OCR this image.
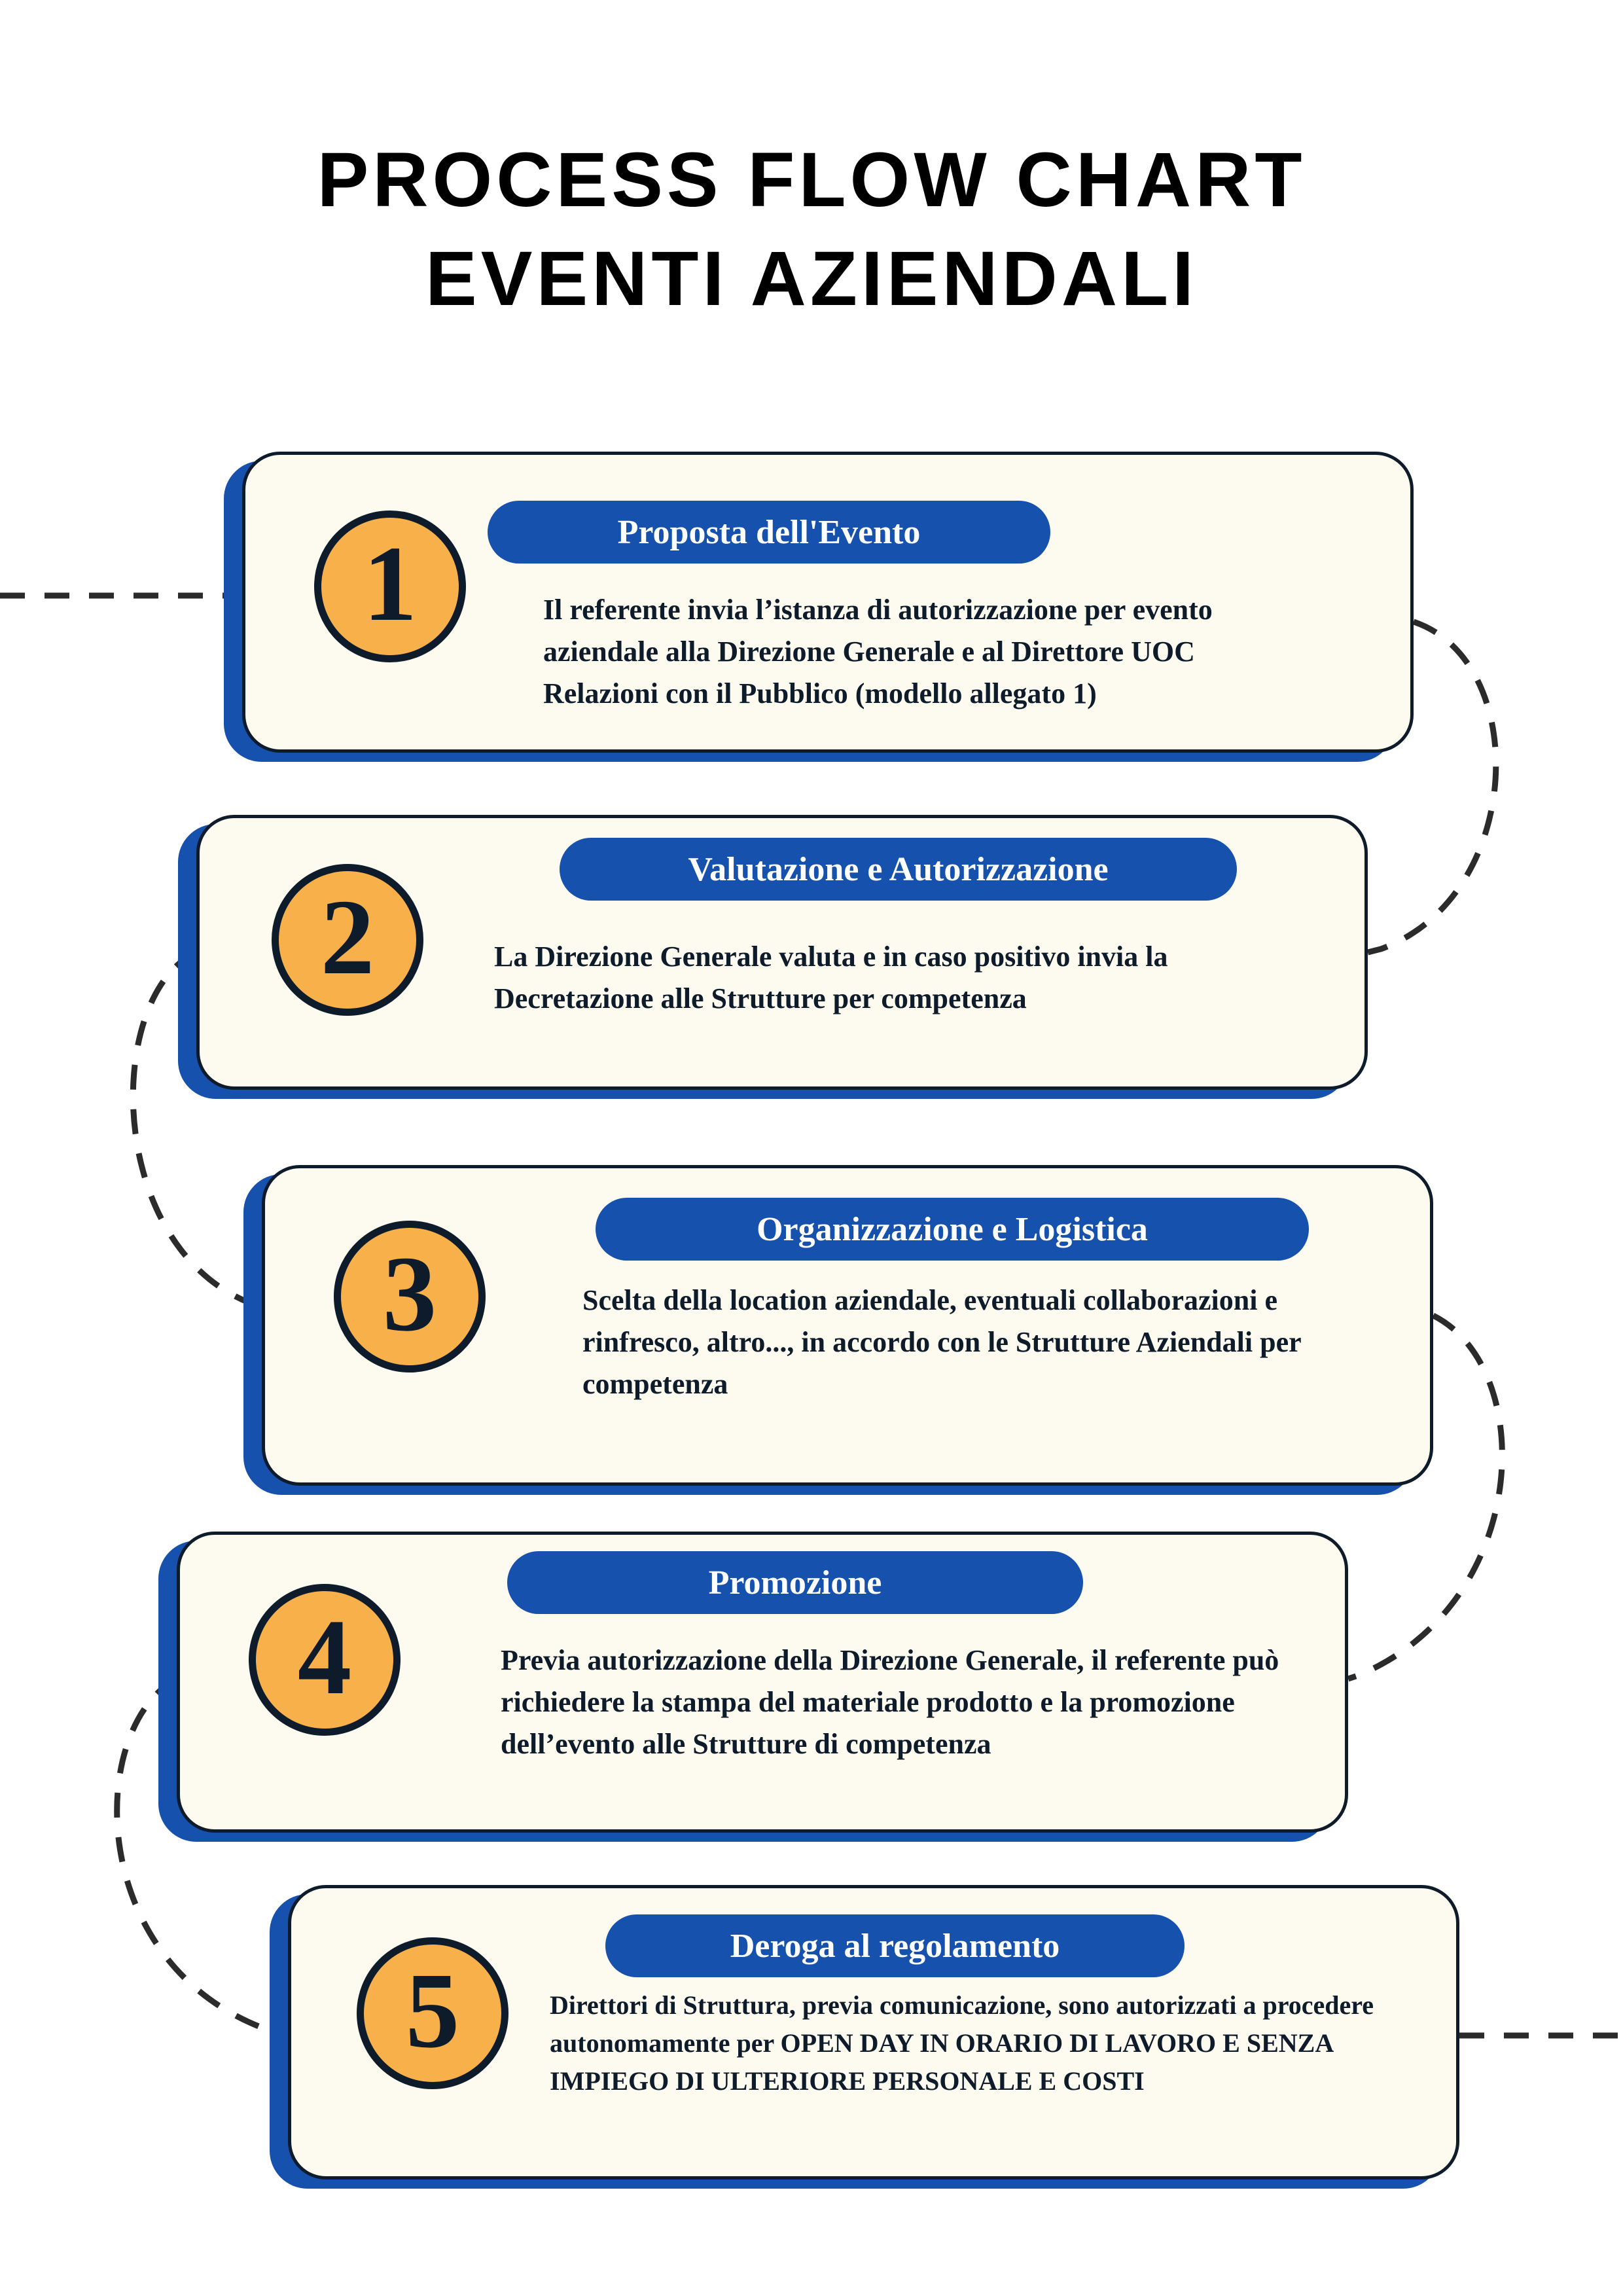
PROCESS FLOW CHART
EVENTI AZIENDALI
1	Proposta dell'Evento
Il referente invia l’istanza di autorizzazione per evento aziendale alla Direzione Generale e al Direttore UOC Relazioni con il Pubblico (modello allegato 1)
2
Valutazione e Autorizzazione
La Direzione Generale valuta e in caso positivo invia la Decretazione alle Strutture per competenza
3
Organizzazione e Logistica
Scelta della location aziendale, eventuali collaborazioni e rinfresco, altro..., in accordo con le Strutture Aziendali per competenza
4
Promozione
Previa autorizzazione della Direzione Generale, il referente può richiedere la stampa del materiale prodotto e la promozione dell’evento alle Strutture di competenza
5
Deroga al regolamento
Direttori di Struttura, previa comunicazione, sono autorizzati a procedere autonomamente per OPEN DAY IN ORARIO DI LAVORO E SENZA IMPIEGO DI ULTERIORE PERSONALE E COSTI
